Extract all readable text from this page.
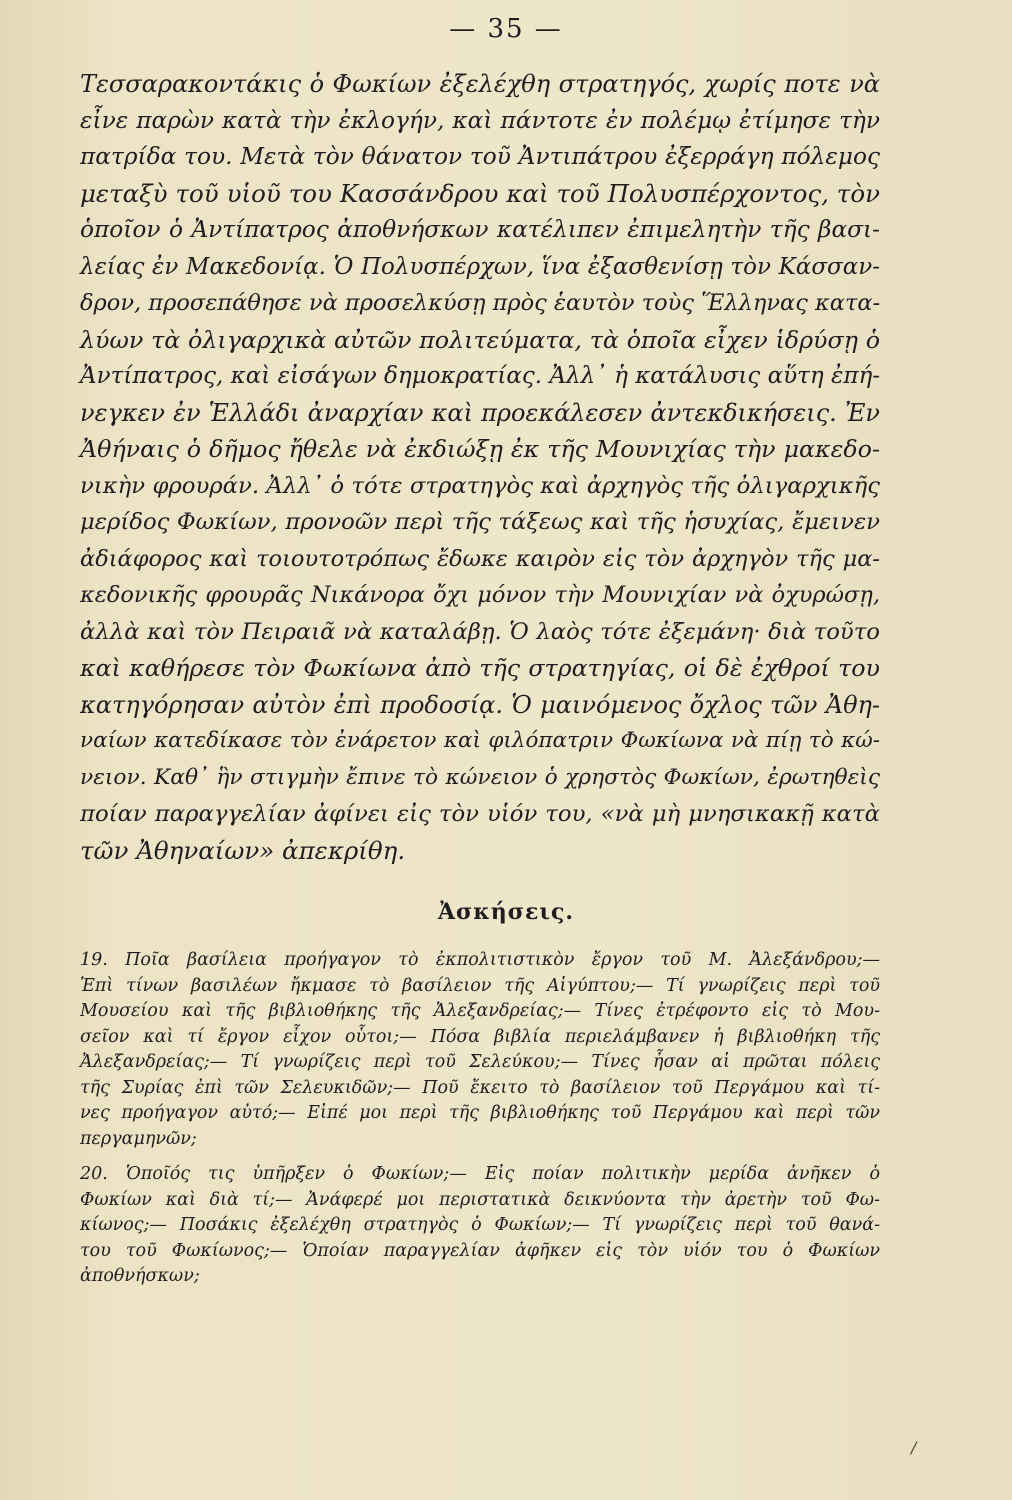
— 35 —
Τεσσαρακοντάκις ὁ Φωκίων ἐξελέχθη στρατηγός, χωρίς ποτε νὰ
εἶνε παρὼν κατὰ τὴν ἐκλογήν, καὶ πάντοτε ἐν πολέμῳ ἐτίμησε τὴν
πατρίδα του. Μετὰ τὸν θάνατον τοῦ Ἀντιπάτρου ἐξερράγη πόλεμος
μεταξὺ τοῦ υἱοῦ του Κασσάνδρου καὶ τοῦ Πολυσπέρχοντος, τὸν
ὁποῖον ὁ Ἀντίπατρος ἀποθνήσκων κατέλιπεν ἐπιμελητὴν τῆς βασι-
λείας ἐν Μακεδονίᾳ. Ὁ Πολυσπέρχων, ἵνα ἐξασθενίσῃ τὸν Κάσσαν-
δρον, προσεπάθησε νὰ προσελκύσῃ πρὸς ἑαυτὸν τοὺς Ἕλληνας κατα-
λύων τὰ ὀλιγαρχικὰ αὐτῶν πολιτεύματα, τὰ ὁποῖα εἶχεν ἱδρύσῃ ὁ
Ἀντίπατρος, καὶ εἰσάγων δημοκρατίας. Ἀλλ᾿ ἡ κατάλυσις αὕτη ἐπή-
νεγκεν ἐν Ἑλλάδι ἀναρχίαν καὶ προεκάλεσεν ἀντεκδικήσεις. Ἐν
Ἀθήναις ὁ δῆμος ἤθελε νὰ ἐκδιώξῃ ἐκ τῆς Μουνιχίας τὴν μακεδο-
νικὴν φρουράν. Ἀλλ᾿ ὁ τότε στρατηγὸς καὶ ἀρχηγὸς τῆς ὀλιγαρχικῆς
μερίδος Φωκίων, προνοῶν περὶ τῆς τάξεως καὶ τῆς ἡσυχίας, ἔμεινεν
ἀδιάφορος καὶ τοιουτοτρόπως ἔδωκε καιρὸν εἰς τὸν ἀρχηγὸν τῆς μα-
κεδονικῆς φρουρᾶς Νικάνορα ὄχι μόνον τὴν Μουνιχίαν νὰ ὀχυρώσῃ,
ἀλλὰ καὶ τὸν Πειραιᾶ νὰ καταλάβῃ. Ὁ λαὸς τότε ἐξεμάνη· διὰ τοῦτο
καὶ καθήρεσε τὸν Φωκίωνα ἀπὸ τῆς στρατηγίας, οἱ δὲ ἐχθροί του
κατηγόρησαν αὐτὸν ἐπὶ προδοσίᾳ. Ὁ μαινόμενος ὄχλος τῶν Ἀθη-
ναίων κατεδίκασε τὸν ἐνάρετον καὶ φιλόπατριν Φωκίωνα νὰ πίῃ τὸ κώ-
νειον. Καθ᾿ ἣν στιγμὴν ἔπινε τὸ κώνειον ὁ χρηστὸς Φωκίων, ἐρωτηθεὶς
ποίαν παραγγελίαν ἀφίνει εἰς τὸν υἱόν του, «νὰ μὴ μνησικακῇ κατὰ
τῶν Ἀθηναίων» ἀπεκρίθη.
Ἀσκήσεις.
19. Ποῖα βασίλεια προήγαγον τὸ ἐκπολιτιστικὸν ἔργον τοῦ Μ. Ἀλεξάνδρου;—
Ἐπὶ τίνων βασιλέων ἤκμασε τὸ βασίλειον τῆς Αἰγύπτου;— Τί γνωρίζεις περὶ τοῦ
Μουσείου καὶ τῆς βιβλιοθήκης τῆς Ἀλεξανδρείας;— Τίνες ἐτρέφοντο εἰς τὸ Μου-
σεῖον καὶ τί ἔργον εἶχον οὗτοι;— Πόσα βιβλία περιελάμβανεν ἡ βιβλιοθήκη τῆς
Ἀλεξανδρείας;— Τί γνωρίζεις περὶ τοῦ Σελεύκου;— Τίνες ἦσαν αἱ πρῶται πόλεις
τῆς Συρίας ἐπὶ τῶν Σελευκιδῶν;— Ποῦ ἔκειτο τὸ βασίλειον τοῦ Περγάμου καὶ τί-
νες προήγαγον αὐτό;— Εἰπέ μοι περὶ τῆς βιβλιοθήκης τοῦ Περγάμου καὶ περὶ τῶν
περγαμηνῶν;
20. Ὁποῖός τις ὑπῆρξεν ὁ Φωκίων;— Εἰς ποίαν πολιτικὴν μερίδα ἀνῆκεν ὁ
Φωκίων καὶ διὰ τί;— Ἀνάφερέ μοι περιστατικὰ δεικνύοντα τὴν ἀρετὴν τοῦ Φω-
κίωνος;— Ποσάκις ἐξελέχθη στρατηγὸς ὁ Φωκίων;— Τί γνωρίζεις περὶ τοῦ θανά-
του τοῦ Φωκίωνος;— Ὁποίαν παραγγελίαν ἀφῆκεν εἰς τὸν υἱόν του ὁ Φωκίων
ἀποθνήσκων;
/
